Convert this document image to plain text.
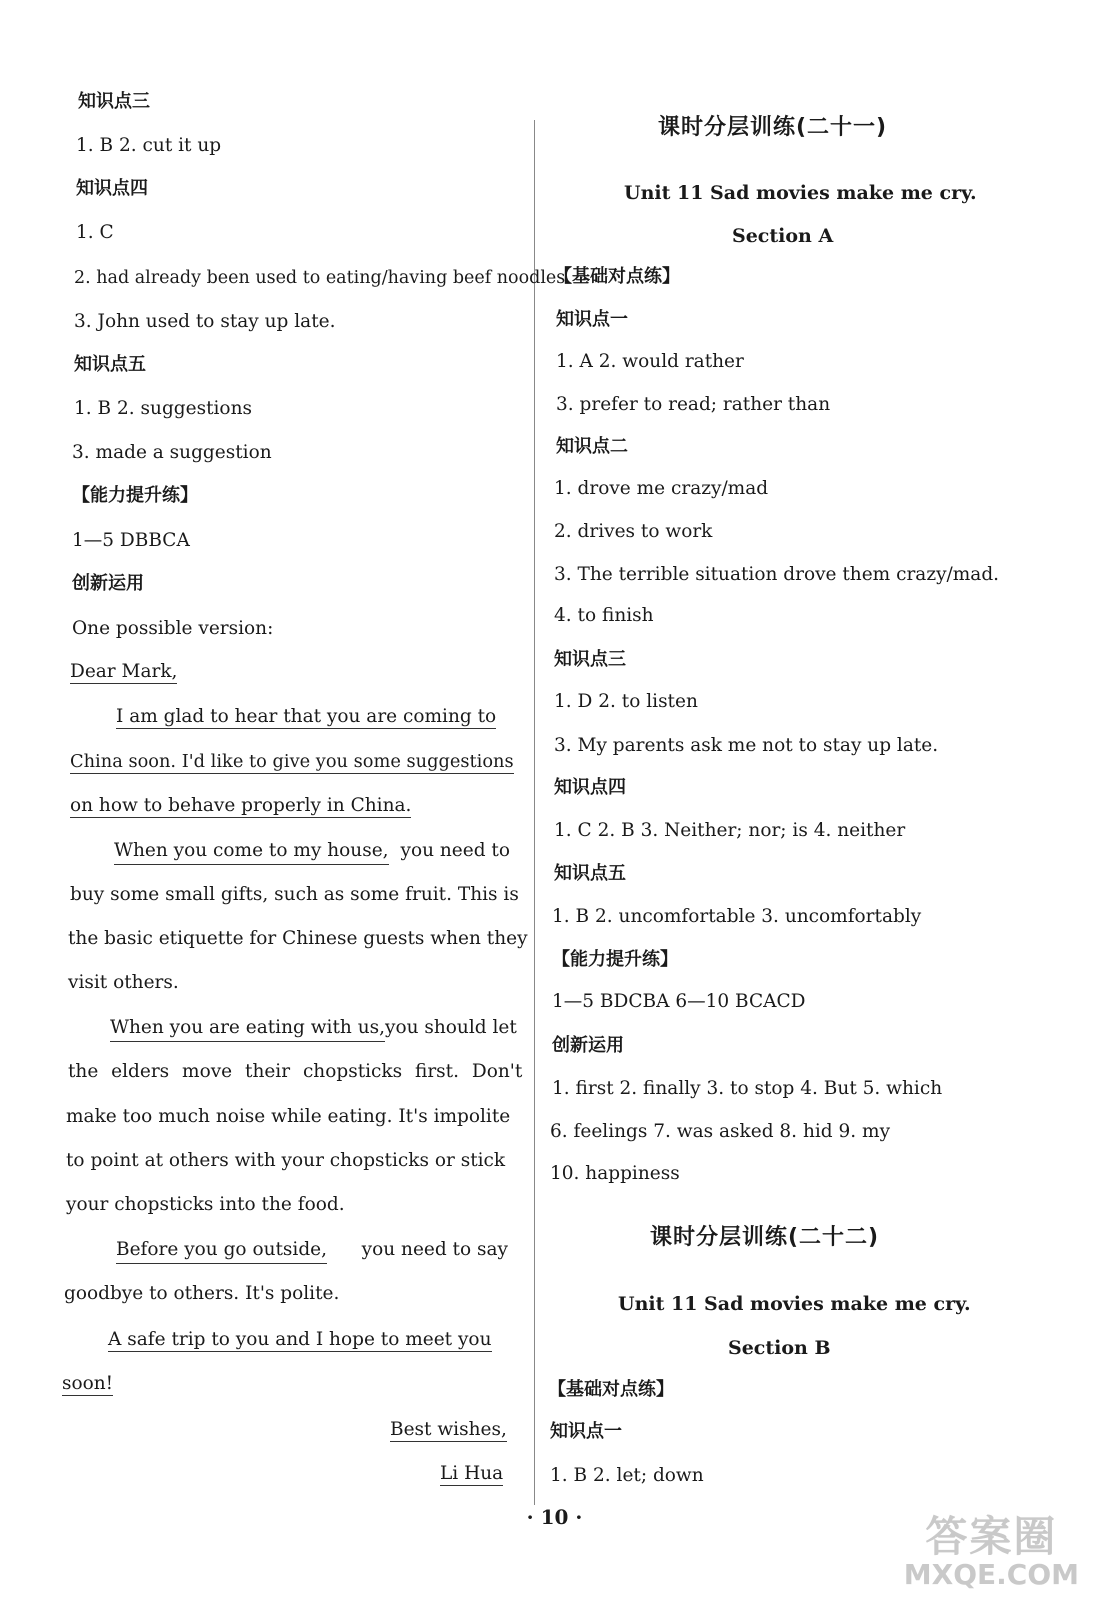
知识点三
1. B 2. cut it up
知识点四
1. C
2. had already been used to eating/having beef noodles
3. John used to stay up late.
知识点五
1. B 2. suggestions
3. made a suggestion
【能力提升练】
1—5 DBBCA
创新运用
One possible version:
Dear Mark,
I am glad to hear that you are coming to
China soon. I'd like to give you some suggestions
on how to behave properly in China.
When you come to my house, you need to
buy some small gifts, such as some fruit. This is
the basic etiquette for Chinese guests when they
visit others.
When you are eating with us, you should let
the elders move their chopsticks first. Don't
make too much noise while eating. It's impolite
to point at others with your chopsticks or stick
your chopsticks into the food.
Before you go outside, you need to say
goodbye to others. It's polite.
A safe trip to you and I hope to meet you
soon!
Best wishes,
Li Hua
课时分层训练(二十一)
Unit 11 Sad movies make me cry.
Section A
【基础对点练】
知识点一
1. A 2. would rather
3. prefer to read; rather than
知识点二
1. drove me crazy/mad
2. drives to work
3. The terrible situation drove them crazy/mad.
4. to finish
知识点三
1. D 2. to listen
3. My parents ask me not to stay up late.
知识点四
1. C 2. B 3. Neither; nor; is 4. neither
知识点五
1. B 2. uncomfortable 3. uncomfortably
【能力提升练】
1—5 BDCBA 6—10 BCACD
创新运用
1. first 2. finally 3. to stop 4. But 5. which
6. feelings 7. was asked 8. hid 9. my
10. happiness
课时分层训练(二十二)
Unit 11 Sad movies make me cry.
Section B
【基础对点练】
知识点一
1. B 2. let; down
· 10 ·	答案圈
MXQE.COM
